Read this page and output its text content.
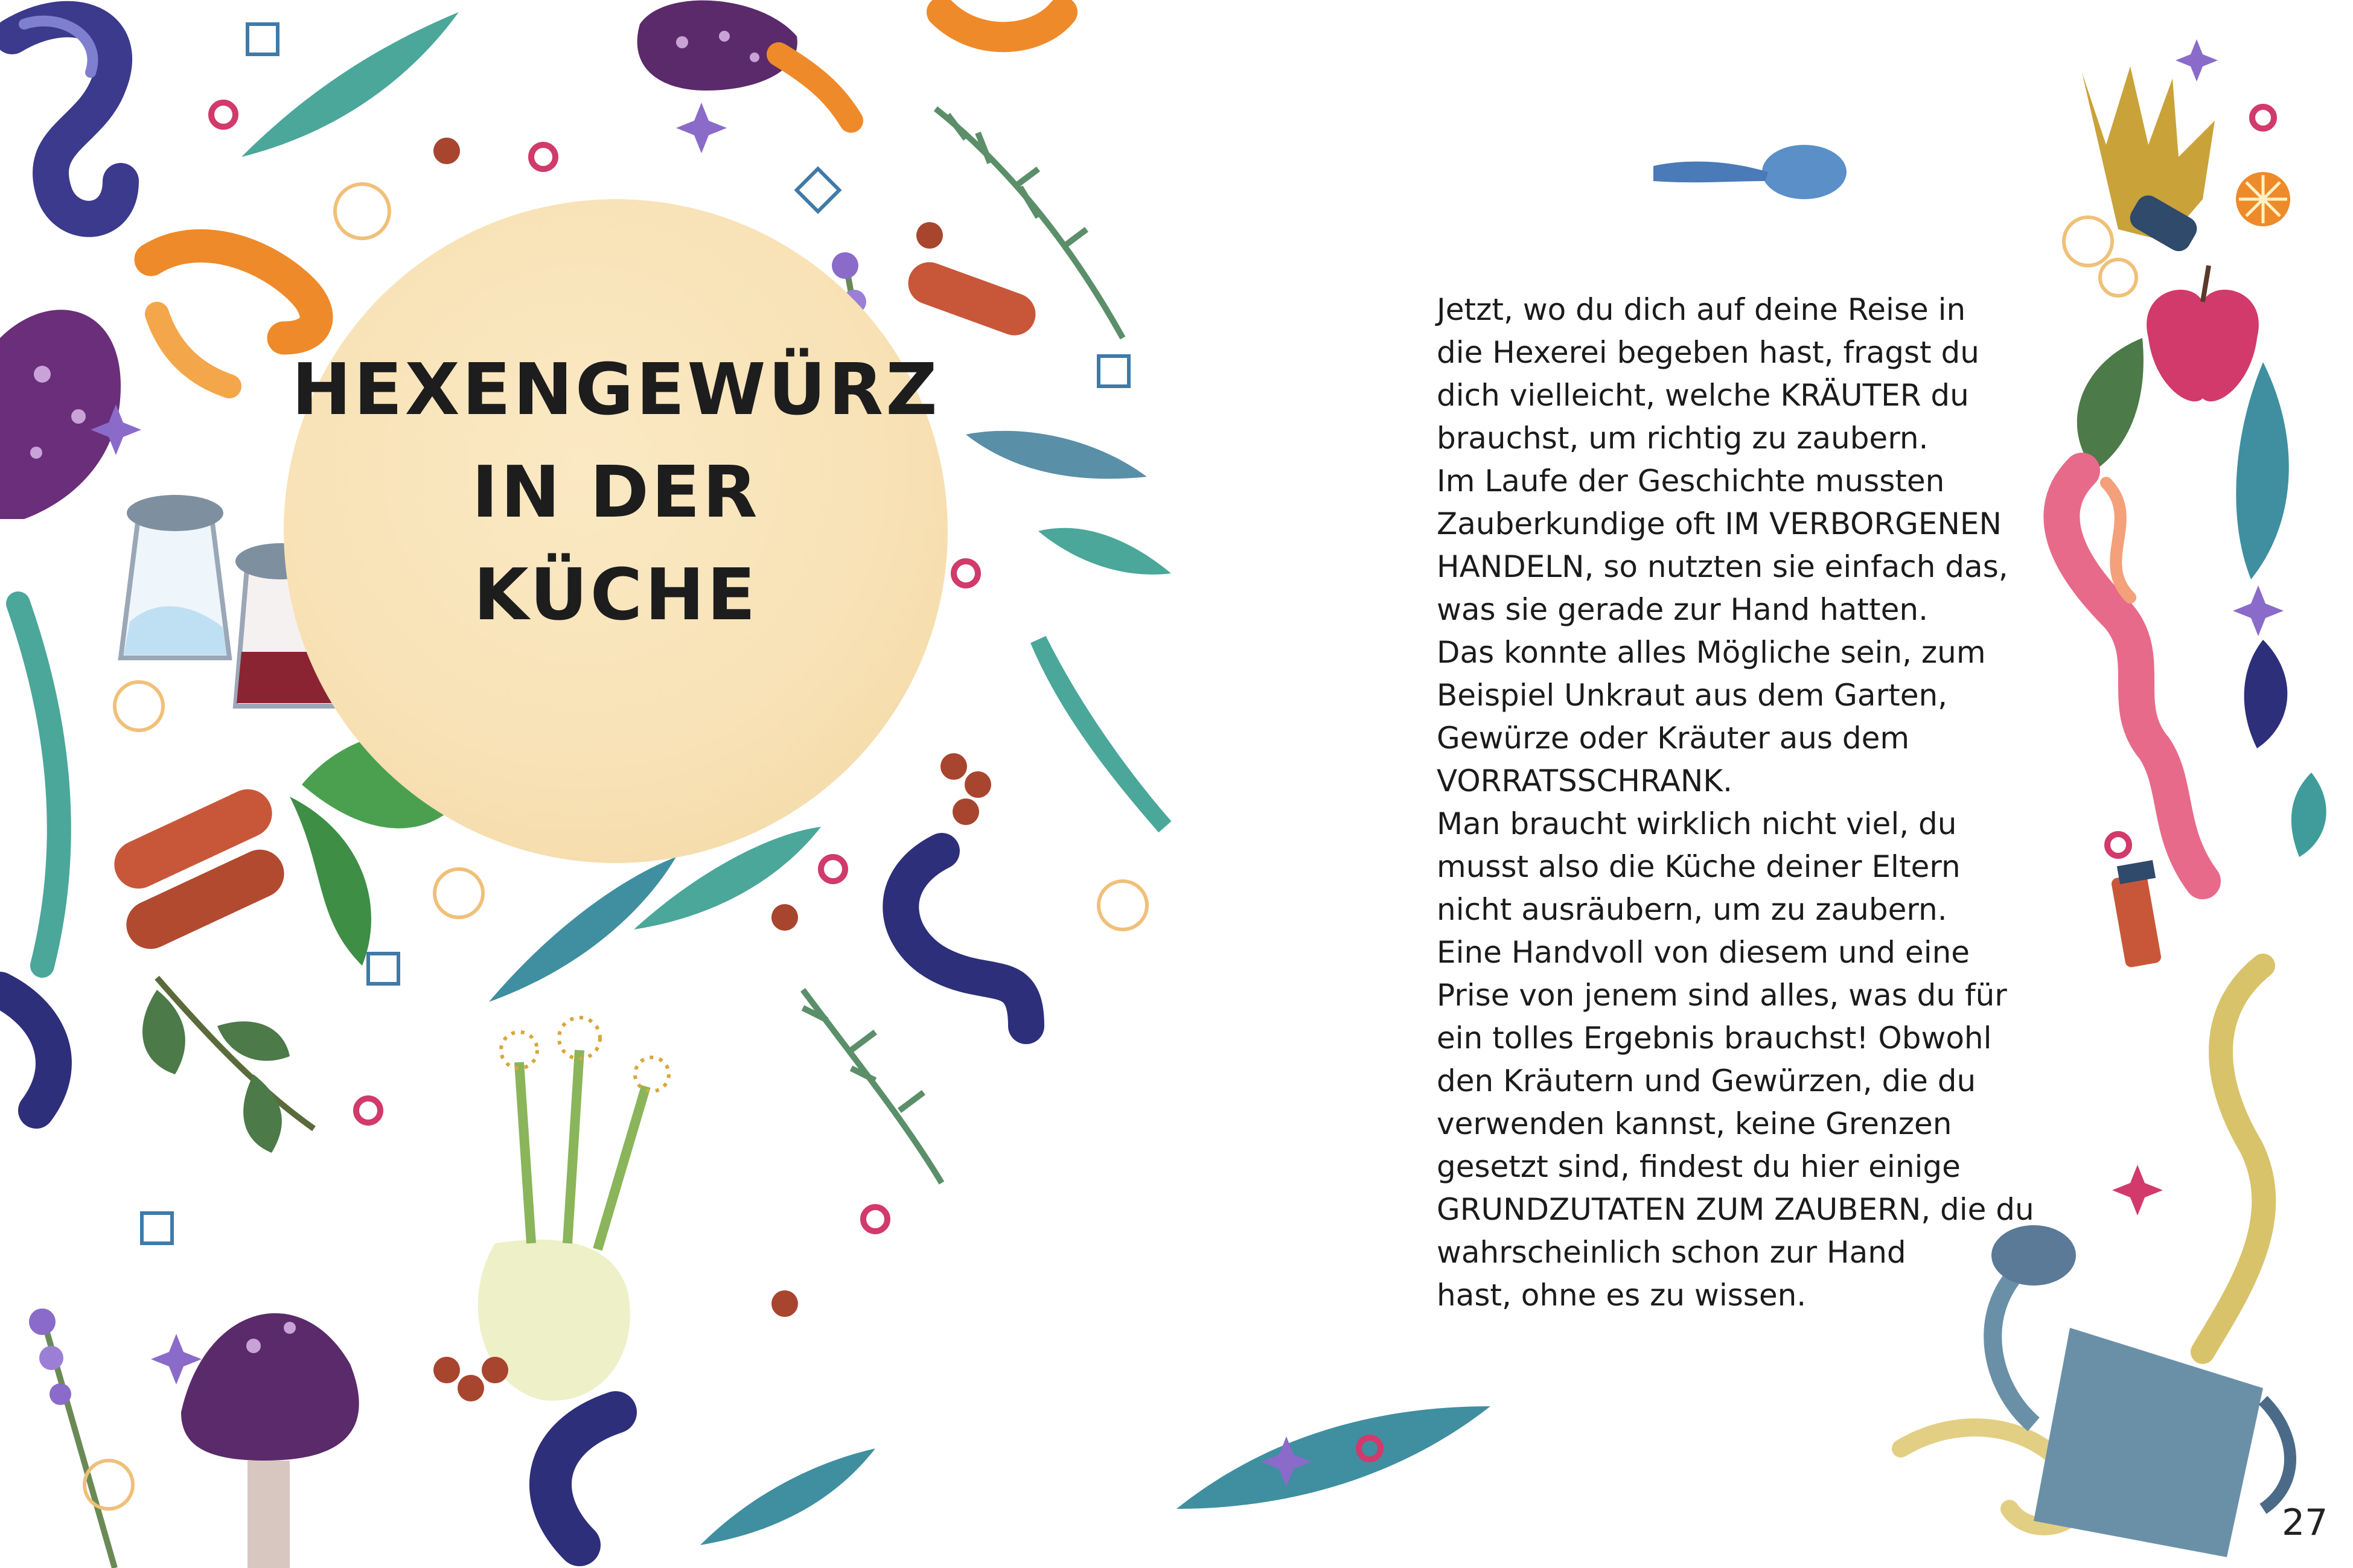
HEXENGEWÜRZ
IN DER
KÜCHE

Jetzt, wo du dich auf deine Reise in
die Hexerei begeben hast, fragst du
dich vielleicht, welche KRÄUTER du
brauchst, um richtig zu zaubern.
Im Laufe der Geschichte mussten
Zauberkundige oft IM VERBORGENEN
HANDELN, so nutzten sie einfach das,
was sie gerade zur Hand hatten.
Das konnte alles Mögliche sein, zum
Beispiel Unkraut aus dem Garten,
Gewürze oder Kräuter aus dem
VORRATSSCHRANK.
Man braucht wirklich nicht viel, du
musst also die Küche deiner Eltern
nicht ausräubern, um zu zaubern.
Eine Handvoll von diesem und eine
Prise von jenem sind alles, was du für
ein tolles Ergebnis brauchst! Obwohl
den Kräutern und Gewürzen, die du
verwenden kannst, keine Grenzen
gesetzt sind, findest du hier einige
GRUNDZUTATEN ZUM ZAUBERN, die du
wahrscheinlich schon zur Hand
hast, ohne es zu wissen.

27
